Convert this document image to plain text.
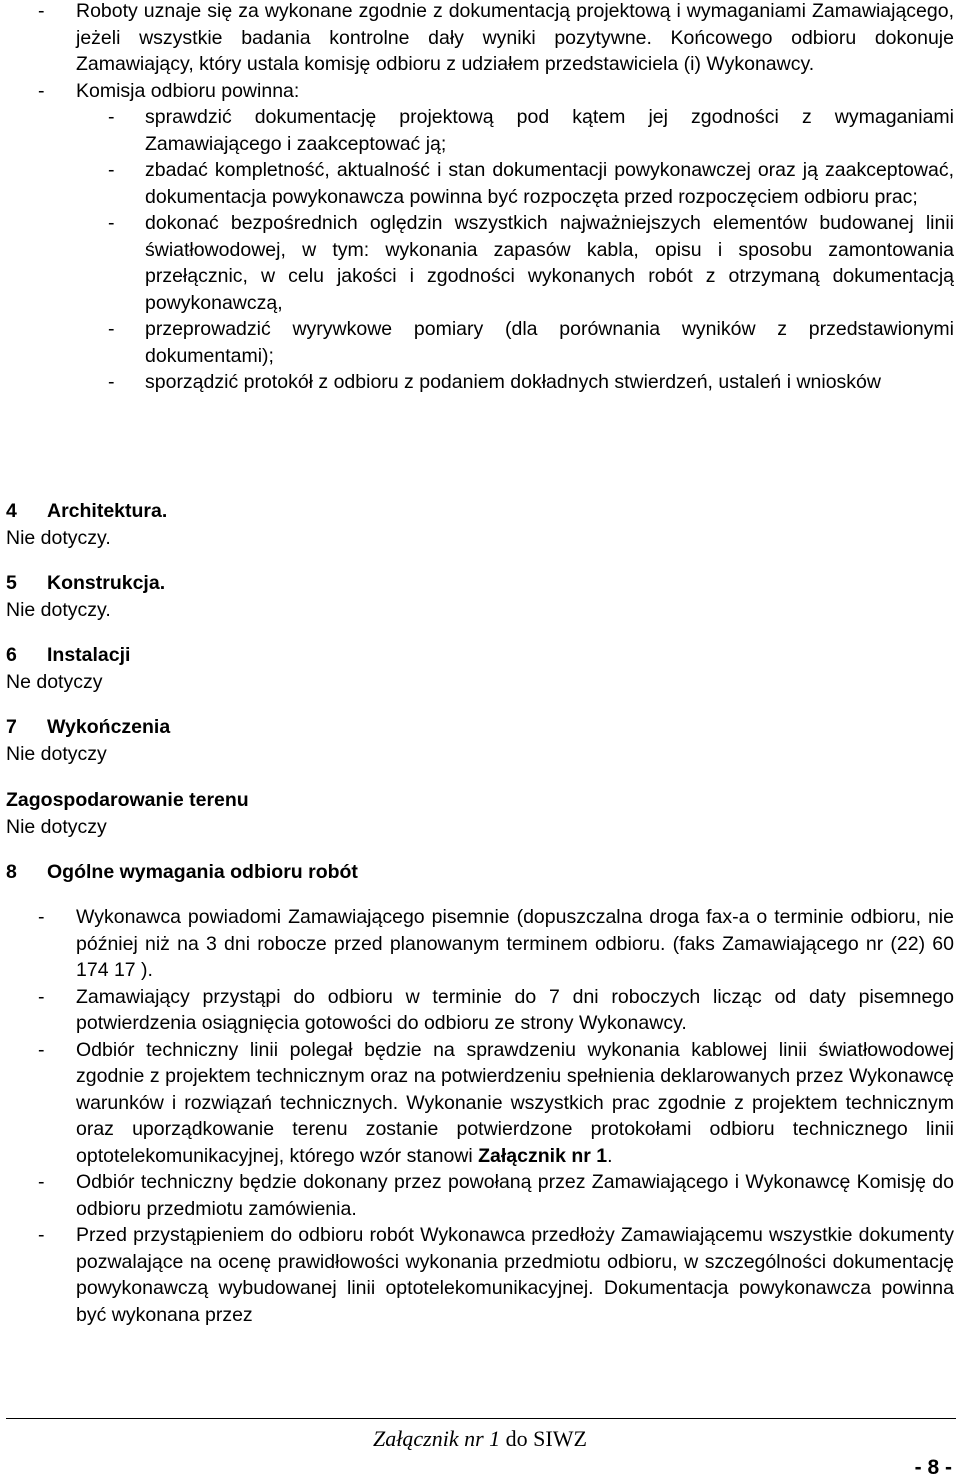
- Roboty uznaje się za wykonane zgodnie z dokumentacją projektową i wymaganiami Zamawiającego, jeżeli wszystkie badania kontrolne dały wyniki pozytywne. Końcowego odbioru dokonuje Zamawiający, który ustala komisję odbioru z udziałem przedstawiciela (i) Wykonawcy.
- Komisja odbioru powinna:
- sprawdzić dokumentację projektową pod kątem jej zgodności z wymaganiami Zamawiającego i zaakceptować ją;
- zbadać kompletność, aktualność i stan dokumentacji powykonawczej oraz ją zaakceptować, dokumentacja powykonawcza powinna być rozpoczęta przed rozpoczęciem odbioru prac;
- dokonać bezpośrednich oględzin wszystkich najważniejszych elementów budowanej linii światłowodowej, w tym: wykonania zapasów kabla, opisu i sposobu zamontowania przełącznic, w celu jakości i zgodności wykonanych robót z otrzymaną dokumentacją powykonawczą,
- przeprowadzić wyrywkowe pomiary (dla porównania wyników z przedstawionymi dokumentami);
- sporządzić protokół z odbioru z podaniem dokładnych stwierdzeń, ustaleń i wniosków
4 Architektura.
Nie dotyczy.
5 Konstrukcja.
Nie dotyczy.
6 Instalacji
Ne dotyczy
7 Wykończenia
Nie dotyczy
Zagospodarowanie terenu
Nie dotyczy
8 Ogólne wymagania odbioru robót
- Wykonawca powiadomi Zamawiającego pisemnie (dopuszczalna droga fax-a o terminie odbioru, nie później niż na 3 dni robocze przed planowanym terminem odbioru. (faks Zamawiającego nr (22) 60 174 17 ).
- Zamawiający przystąpi do odbioru w terminie do 7 dni roboczych licząc od daty pisemnego potwierdzenia osiągnięcia gotowości do odbioru ze strony Wykonawcy.
- Odbiór techniczny linii polegał będzie na sprawdzeniu wykonania kablowej linii światłowodowej zgodnie z projektem technicznym oraz na potwierdzeniu spełnienia deklarowanych przez Wykonawcę warunków i rozwiązań technicznych. Wykonanie wszystkich prac zgodnie z projektem technicznym oraz uporządkowanie terenu zostanie potwierdzone protokołami odbioru technicznego linii optotelekomunikacyjnej, którego wzór stanowi Załącznik nr 1.
- Odbiór techniczny będzie dokonany przez powołaną przez Zamawiającego i Wykonawcę Komisję do odbioru przedmiotu zamówienia.
- Przed przystąpieniem do odbioru robót Wykonawca przedłoży Zamawiającemu wszystkie dokumenty pozwalające na ocenę prawidłowości wykonania przedmiotu odbioru, w szczególności dokumentację powykonawczą wybudowanej linii optotelekomunikacyjnej. Dokumentacja powykonawcza powinna być wykonana przez
Załącznik nr 1 do SIWZ
- 8 -
